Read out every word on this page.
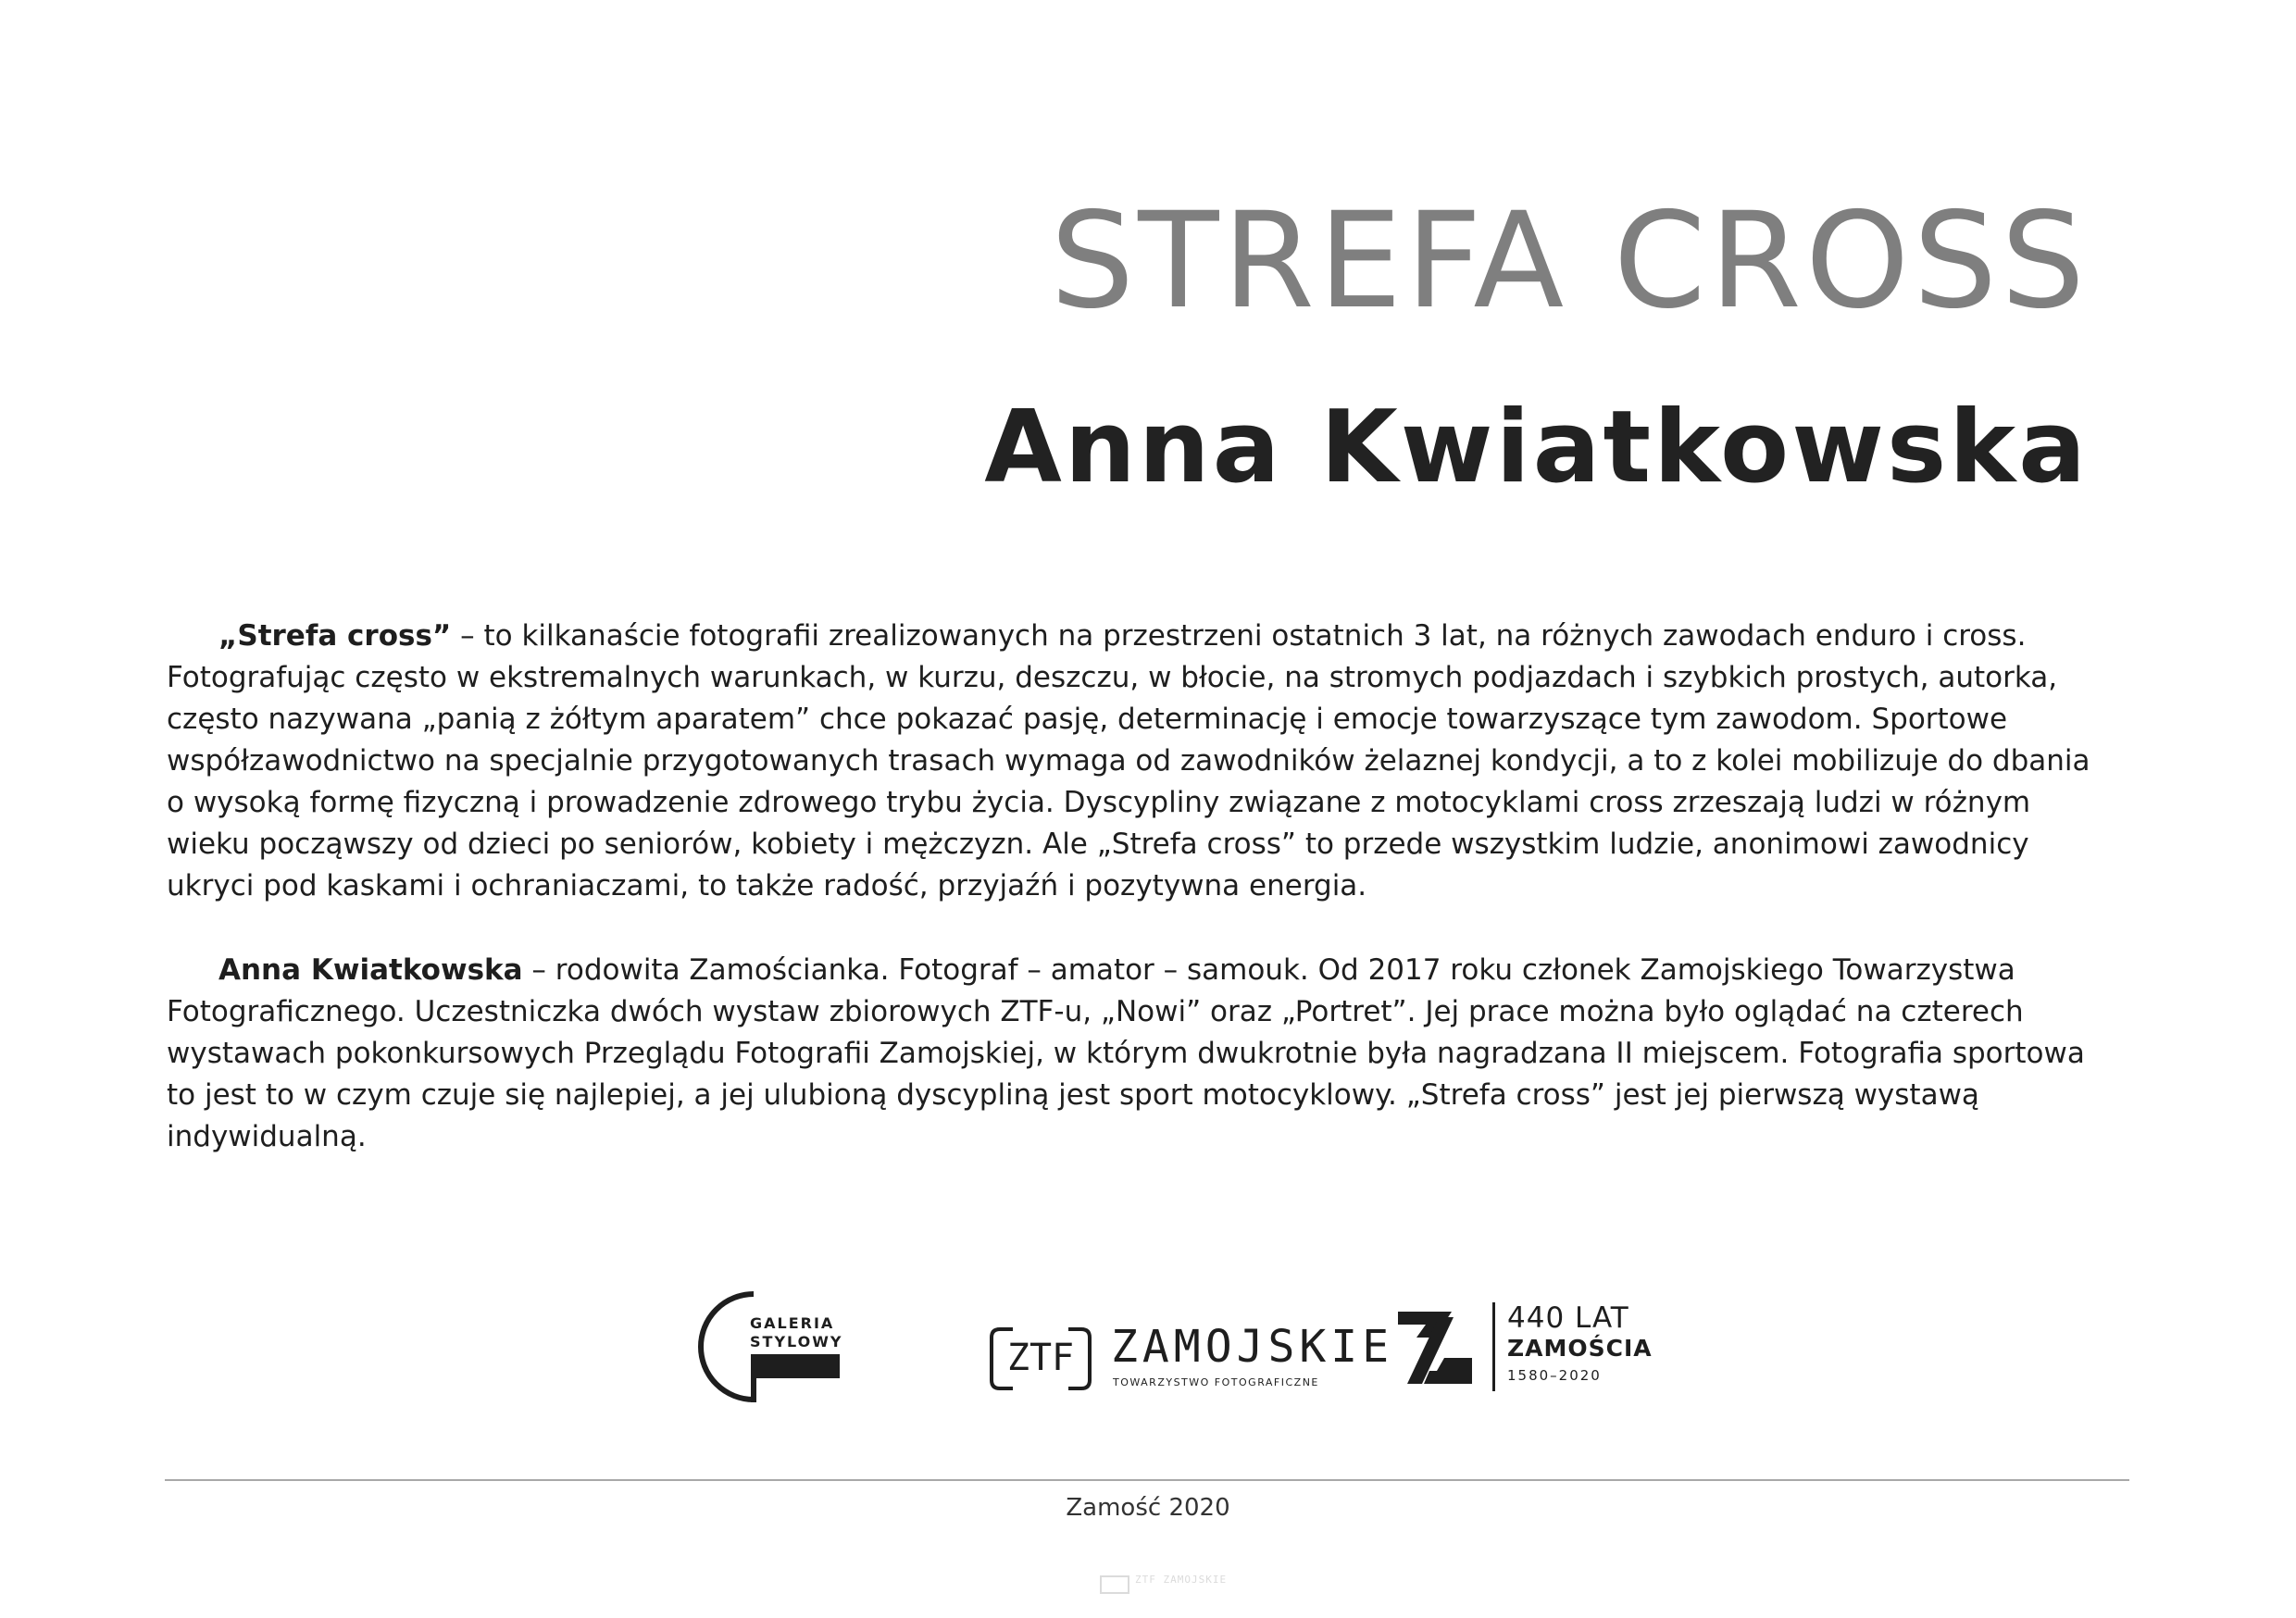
STREFA CROSS
Anna Kwiatkowska

„Strefa cross” – to kilkanaście fotografii zrealizowanych na przestrzeni ostatnich 3 lat, na różnych zawodach enduro i cross. Fotografując często w ekstremalnych warunkach, w kurzu, deszczu, w błocie, na stromych podjazdach i szybkich prostych, autorka, często nazywana „panią z żółtym aparatem” chce pokazać pasję, determinację i emocje towarzyszące tym zawodom. Sportowe współzawodnictwo na specjalnie przygotowanych trasach wymaga od zawodników żelaznej kondycji, a to z kolei mobilizuje do dbania o wysoką formę fizyczną i prowadzenie zdrowego trybu życia. Dyscypliny związane z motocyklami cross zrzeszają ludzi w różnym wieku począwszy od dzieci po seniorów, kobiety i mężczyzn. Ale „Strefa cross” to przede wszystkim ludzie, anonimowi zawodnicy ukryci pod kaskami i ochraniaczami, to także radość, przyjaźń i pozytywna energia.

Anna Kwiatkowska – rodowita Zamościanka. Fotograf – amator – samouk. Od 2017 roku członek Zamojskiego Towarzystwa Fotograficznego. Uczestniczka dwóch wystaw zbiorowych ZTF-u, „Nowi” oraz „Portret”. Jej prace można było oglądać na czterech wystawach pokonkursowych Przeglądu Fotografii Zamojskiej, w którym dwukrotnie była nagradzana II miejscem. Fotografia sportowa to jest to w czym czuje się najlepiej, a jej ulubioną dyscypliną jest sport motocyklowy. „Strefa cross” jest jej pierwszą wystawą indywidualną.

GALERIA
STYLOWY	ZTF ZAMOJSKIE
TOWARZYSTWO FOTOGRAFICZNE
440 LAT
ZAMOŚCIA
1580–2020
Zamość 2020
ZTF ZAMOJSKIE
